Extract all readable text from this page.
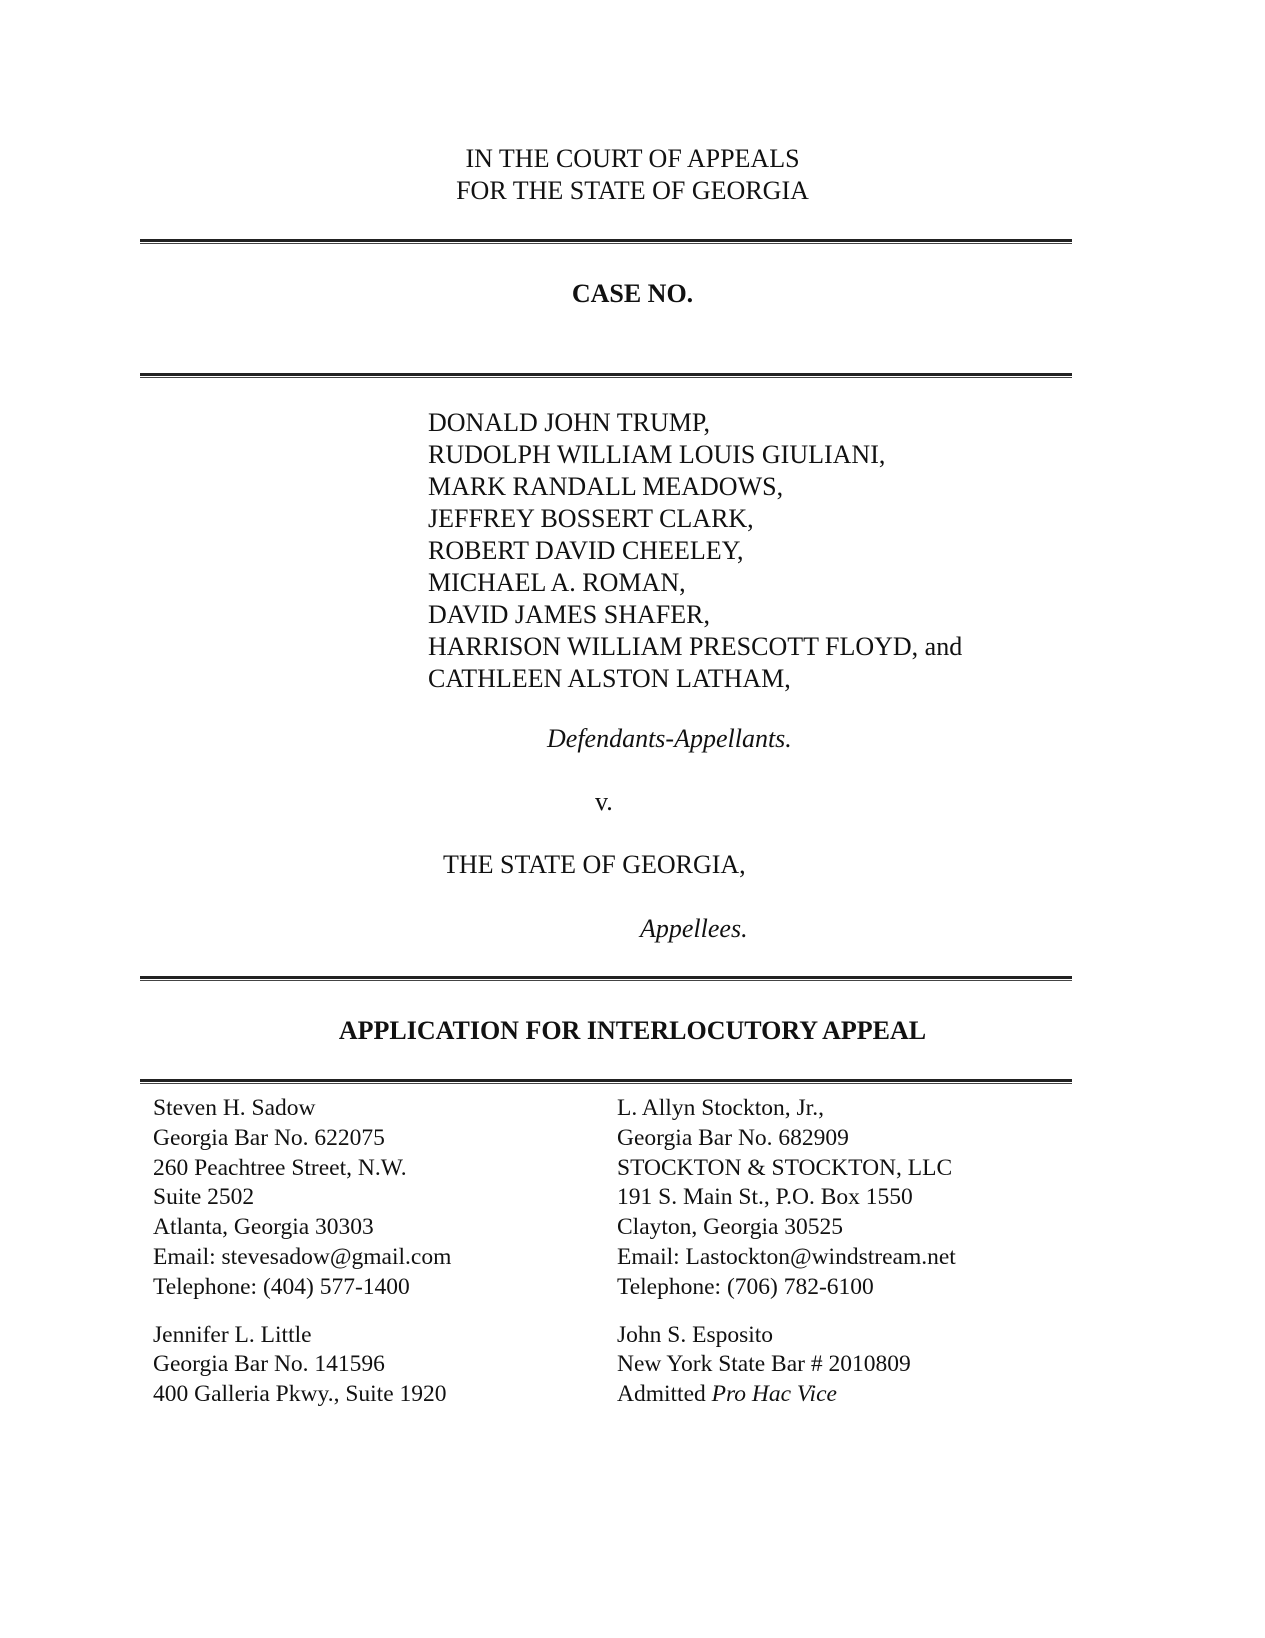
IN THE COURT OF APPEALS
FOR THE STATE OF GEORGIA
CASE NO.
DONALD JOHN TRUMP,
RUDOLPH WILLIAM LOUIS GIULIANI,
MARK RANDALL MEADOWS,
JEFFREY BOSSERT CLARK,
ROBERT DAVID CHEELEY,
MICHAEL A. ROMAN,
DAVID JAMES SHAFER,
HARRISON WILLIAM PRESCOTT FLOYD, and
CATHLEEN ALSTON LATHAM,
Defendants-Appellants.
v.
THE STATE OF GEORGIA,
Appellees.
APPLICATION FOR INTERLOCUTORY APPEAL
Steven H. Sadow
Georgia Bar No. 622075
260 Peachtree Street, N.W.
Suite 2502
Atlanta, Georgia 30303
Email: stevesadow@gmail.com
Telephone: (404) 577-1400
Jennifer L. Little
Georgia Bar No. 141596
400 Galleria Pkwy., Suite 1920
L. Allyn Stockton, Jr.,
Georgia Bar No. 682909
STOCKTON & STOCKTON, LLC
191 S. Main St., P.O. Box 1550
Clayton, Georgia 30525
Email: Lastockton@windstream.net
Telephone: (706) 782-6100
John S. Esposito
New York State Bar # 2010809
Admitted Pro Hac Vice
